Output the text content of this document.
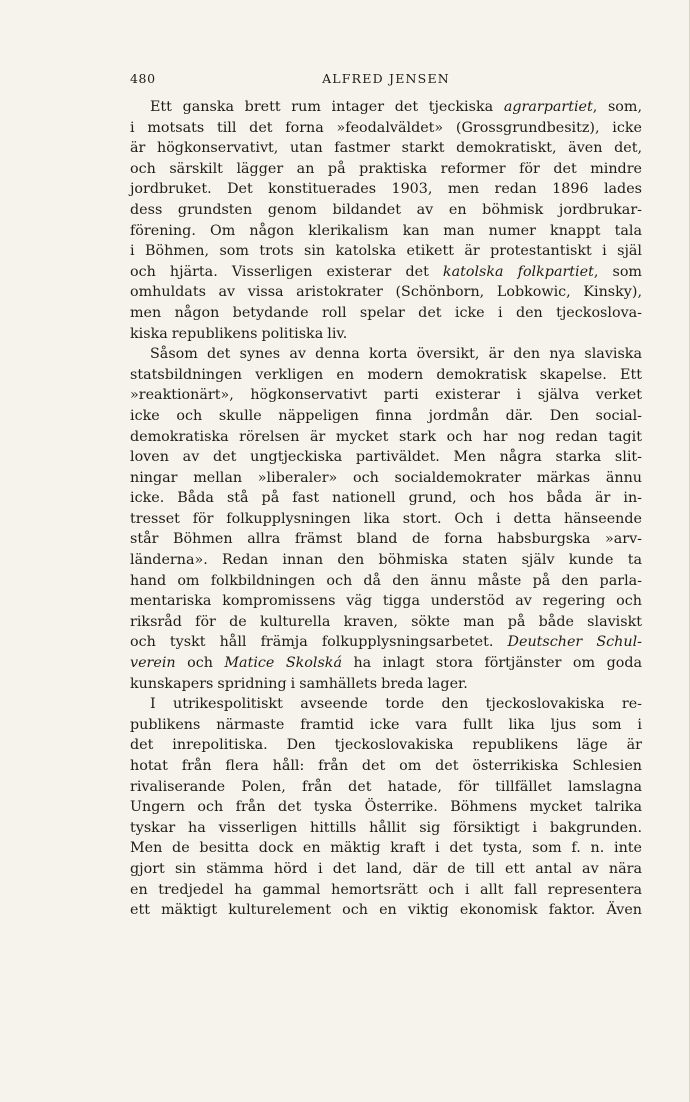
480	ALFRED JENSEN
Ett ganska brett rum intager det tjeckiska agrarpartiet, som,
i motsats till det forna »feodalväldet» (Grossgrundbesitz), icke
är högkonservativt, utan fastmer starkt demokratiskt, även det,
och särskilt lägger an på praktiska reformer för det mindre
jordbruket. Det konstituerades 1903, men redan 1896 lades
dess grundsten genom bildandet av en böhmisk jordbrukar-
förening. Om någon klerikalism kan man numer knappt tala
i Böhmen, som trots sin katolska etikett är protestantiskt i själ
och hjärta. Visserligen existerar det katolska folkpartiet, som
omhuldats av vissa aristokrater (Schönborn, Lobkowic, Kinsky),
men någon betydande roll spelar det icke i den tjeckoslova-
kiska republikens politiska liv.
Såsom det synes av denna korta översikt, är den nya slaviska
statsbildningen verkligen en modern demokratisk skapelse. Ett
»reaktionärt», högkonservativt parti existerar i själva verket
icke och skulle näppeligen finna jordmån där. Den social-
demokratiska rörelsen är mycket stark och har nog redan tagit
loven av det ungtjeckiska partiväldet. Men några starka slit-
ningar mellan »liberaler» och socialdemokrater märkas ännu
icke. Båda stå på fast nationell grund, och hos båda är in-
tresset för folkupplysningen lika stort. Och i detta hänseende
står Böhmen allra främst bland de forna habsburgska »arv-
länderna». Redan innan den böhmiska staten själv kunde ta
hand om folkbildningen och då den ännu måste på den parla-
mentariska kompromissens väg tigga understöd av regering och
riksråd för de kulturella kraven, sökte man på både slaviskt
och tyskt håll främja folkupplysningsarbetet. Deutscher Schul-
verein och Matice Skolská ha inlagt stora förtjänster om goda
kunskapers spridning i samhällets breda lager.
I utrikespolitiskt avseende torde den tjeckoslovakiska re-
publikens närmaste framtid icke vara fullt lika ljus som i
det inrepolitiska. Den tjeckoslovakiska republikens läge är
hotat från flera håll: från det om det österrikiska Schlesien
rivaliserande Polen, från det hatade, för tillfället lamslagna
Ungern och från det tyska Österrike. Böhmens mycket talrika
tyskar ha visserligen hittills hållit sig försiktigt i bakgrunden.
Men de besitta dock en mäktig kraft i det tysta, som f. n. inte
gjort sin stämma hörd i det land, där de till ett antal av nära
en tredjedel ha gammal hemortsrätt och i allt fall representera
ett mäktigt kulturelement och en viktig ekonomisk faktor. Även
